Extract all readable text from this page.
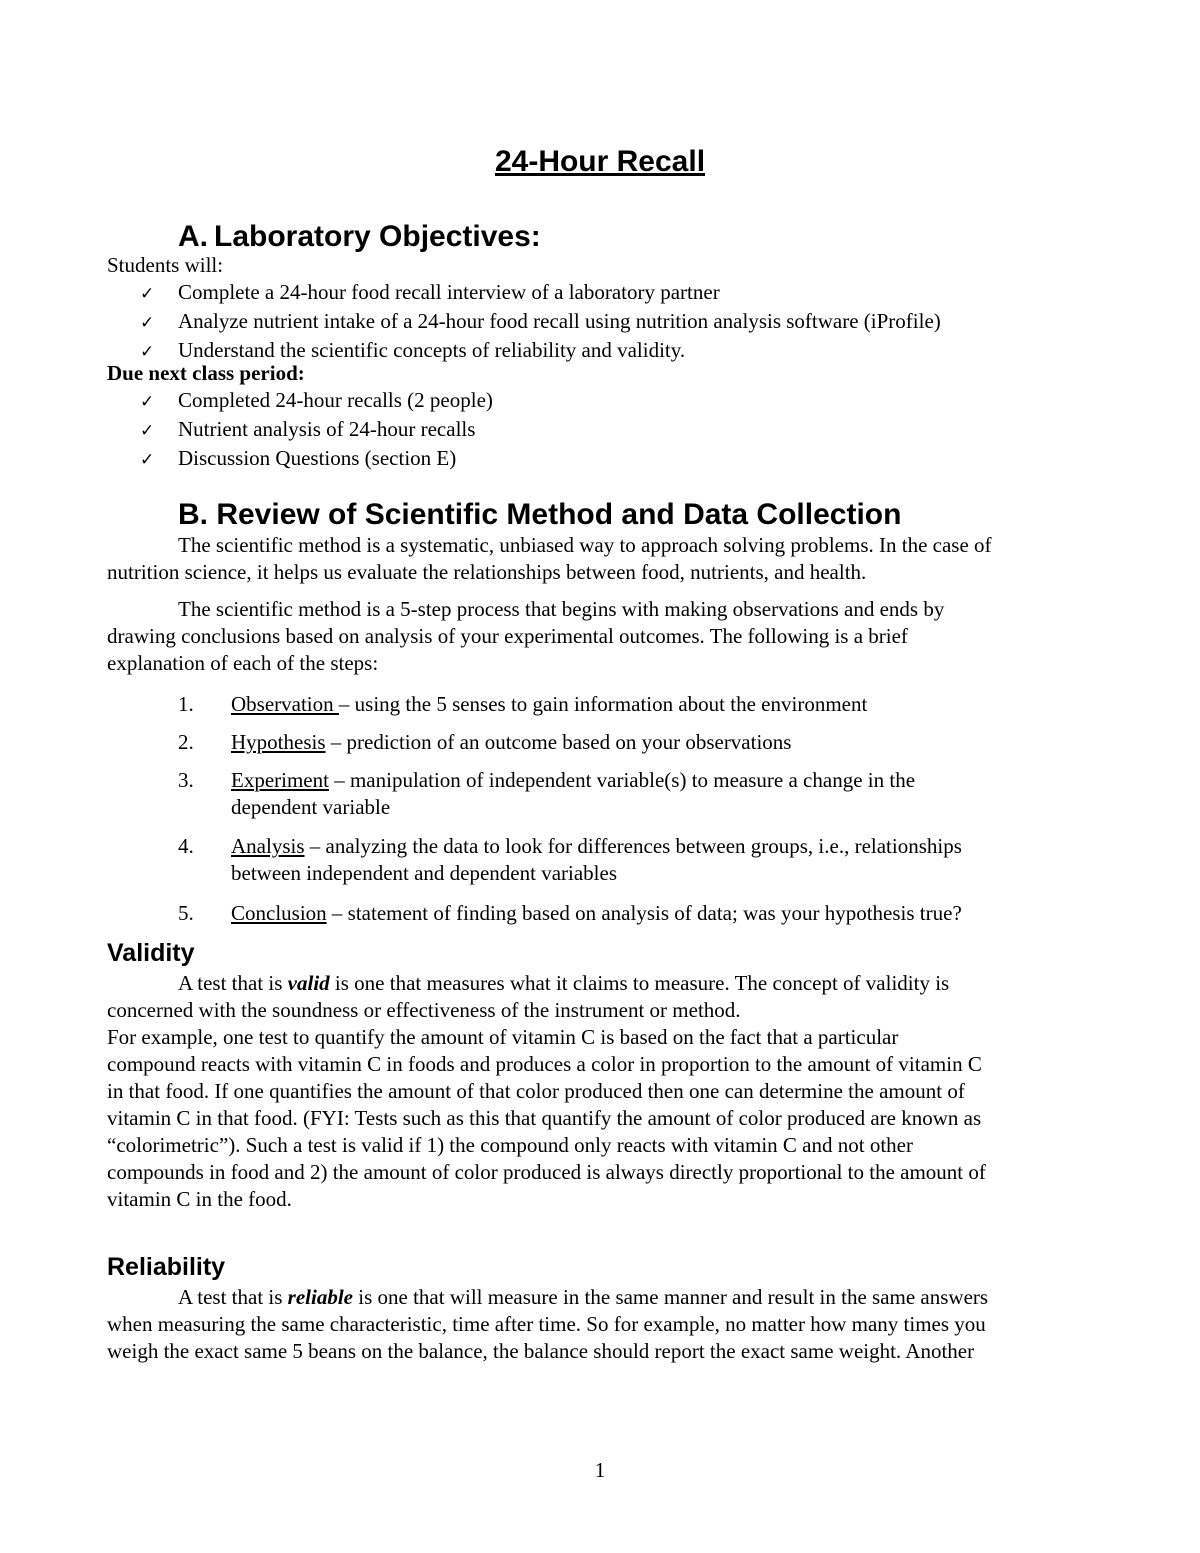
24-Hour Recall
A. Laboratory Objectives:
Students will:
✓ Complete a 24-hour food recall interview of a laboratory partner
✓ Analyze nutrient intake of a 24-hour food recall using nutrition analysis software (iProfile)
✓ Understand the scientific concepts of reliability and validity.
Due next class period:
✓ Completed 24-hour recalls (2 people)
✓ Nutrient analysis of 24-hour recalls
✓ Discussion Questions (section E)
B. Review of Scientific Method and Data Collection
The scientific method is a systematic, unbiased way to approach solving problems. In the case of
nutrition science, it helps us evaluate the relationships between food, nutrients, and health.
The scientific method is a 5-step process that begins with making observations and ends by
drawing conclusions based on analysis of your experimental outcomes. The following is a brief
explanation of each of the steps:
1. Observation – using the 5 senses to gain information about the environment
2. Hypothesis – prediction of an outcome based on your observations
3. Experiment – manipulation of independent variable(s) to measure a change in the
dependent variable
4. Analysis – analyzing the data to look for differences between groups, i.e., relationships
between independent and dependent variables
5. Conclusion – statement of finding based on analysis of data; was your hypothesis true?
Validity
A test that is valid is one that measures what it claims to measure. The concept of validity is
concerned with the soundness or effectiveness of the instrument or method.
For example, one test to quantify the amount of vitamin C is based on the fact that a particular
compound reacts with vitamin C in foods and produces a color in proportion to the amount of vitamin C
in that food. If one quantifies the amount of that color produced then one can determine the amount of
vitamin C in that food. (FYI: Tests such as this that quantify the amount of color produced are known as
“colorimetric”). Such a test is valid if 1) the compound only reacts with vitamin C and not other
compounds in food and 2) the amount of color produced is always directly proportional to the amount of
vitamin C in the food.
Reliability
A test that is reliable is one that will measure in the same manner and result in the same answers
when measuring the same characteristic, time after time. So for example, no matter how many times you
weigh the exact same 5 beans on the balance, the balance should report the exact same weight. Another
1
